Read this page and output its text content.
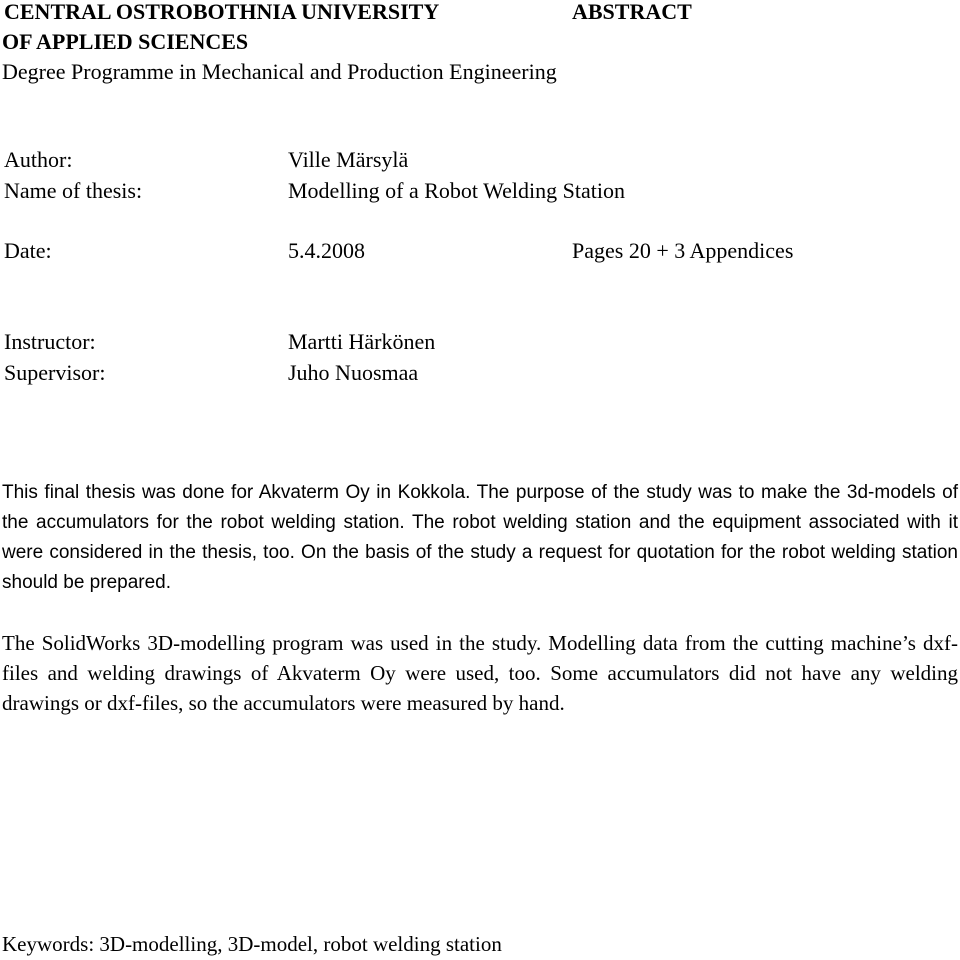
CENTRAL OSTROBOTHNIA UNIVERSITY	ABSTRACT
OF APPLIED SCIENCES
Degree Programme in Mechanical and Production Engineering
Author:	Ville Märsylä
Name of thesis:	Modelling of a Robot Welding Station
Date:	5.4.2008	Pages 20 + 3 Appendices
Instructor:	Martti Härkönen
Supervisor:	Juho Nuosmaa

This final thesis was done for Akvaterm Oy in Kokkola. The purpose of the study was to make the 3d-models of the accumulators for the robot welding station. The robot welding station and the equipment associated with it were considered in the thesis, too. On the basis of the study a request for quotation for the robot welding station should be prepared.

The SolidWorks 3D-modelling program was used in the study. Modelling data from the cutting machine’s dxf-files and welding drawings of Akvaterm Oy were used, too. Some accumulators did not have any welding drawings or dxf-files, so the accumulators were measured by hand.

Keywords: 3D-modelling, 3D-model, robot welding station
